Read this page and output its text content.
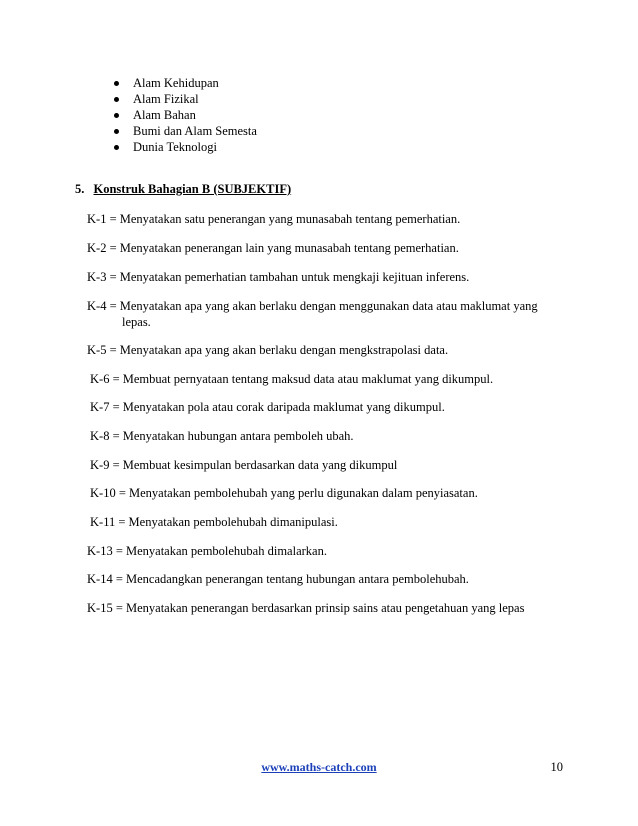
Alam Kehidupan
Alam Fizikal
Alam Bahan
Bumi dan Alam Semesta
Dunia Teknologi
5. Konstruk Bahagian B (SUBJEKTIF)
K-1 = Menyatakan satu penerangan yang munasabah tentang pemerhatian.
K-2 = Menyatakan penerangan lain yang munasabah tentang pemerhatian.
K-3 = Menyatakan pemerhatian tambahan untuk mengkaji kejituan inferens.
K-4 = Menyatakan apa yang akan berlaku dengan menggunakan data atau maklumat yang
lepas.
K-5 = Menyatakan apa yang akan berlaku dengan mengkstrapolasi data.
K-6 = Membuat pernyataan tentang maksud data atau maklumat yang dikumpul.
K-7 = Menyatakan pola atau corak daripada maklumat yang dikumpul.
K-8 = Menyatakan hubungan antara pemboleh ubah.
K-9 = Membuat kesimpulan berdasarkan data yang dikumpul
K-10 = Menyatakan pembolehubah yang perlu digunakan dalam penyiasatan.
K-11 = Menyatakan pembolehubah dimanipulasi.
K-13 = Menyatakan pembolehubah dimalarkan.
K-14 = Mencadangkan penerangan tentang hubungan antara pembolehubah.
K-15 = Menyatakan penerangan berdasarkan prinsip sains atau pengetahuan yang lepas
www.maths-catch.com	10
